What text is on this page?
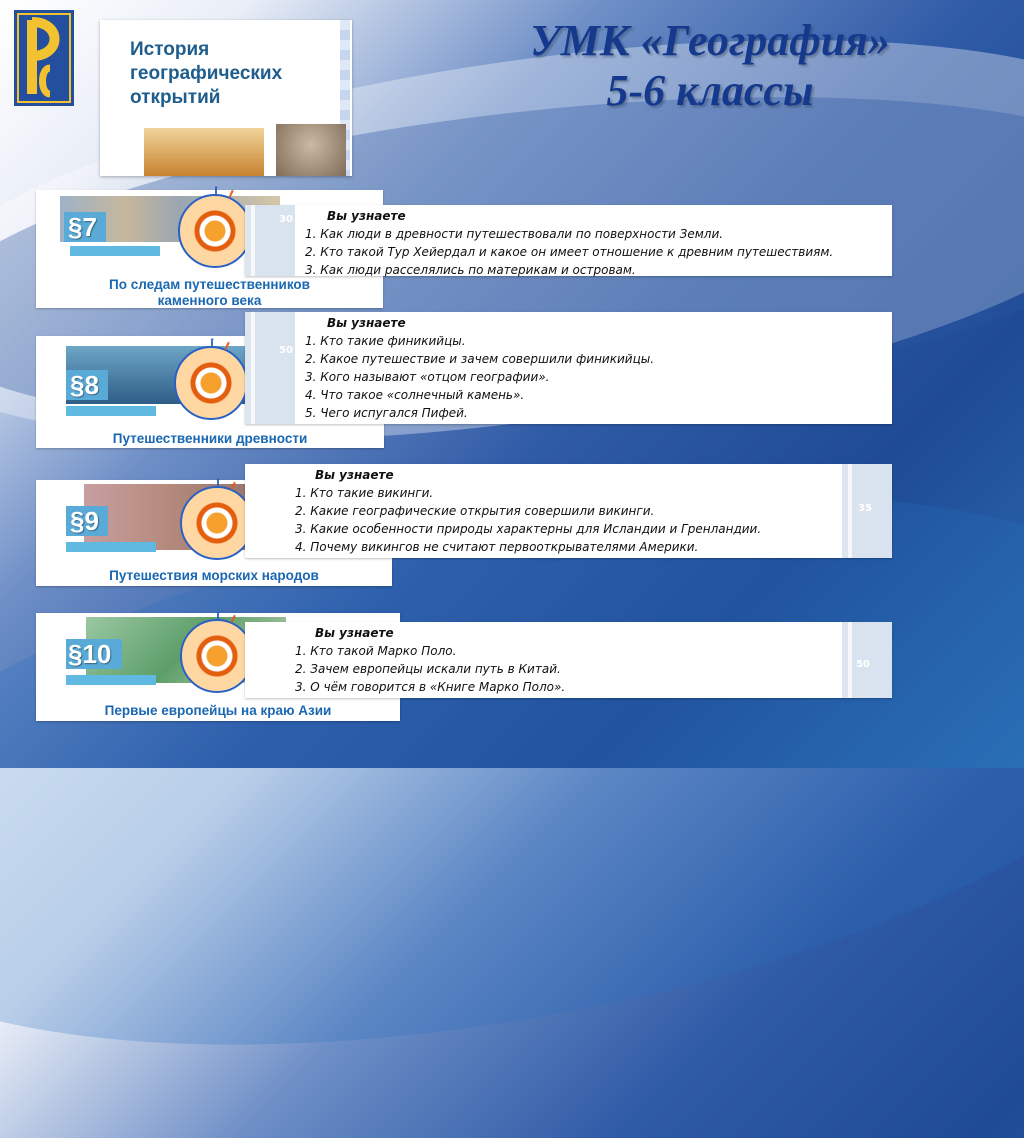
УМК «География»
5-6 классы
История
географических
открытий
§7
По следам путешественников
каменного века
30	Вы узнаете
1. Как люди в древности путешествовали по поверхности Земли.
2. Кто такой Тур Хейердал и какое он имеет отношение к древним путешествиям.
3. Как люди расселялись по материкам и островам.
§8
Путешественники древности
50
Вы узнаете
1. Кто такие финикийцы.
2. Какое путешествие и зачем совершили финикийцы.
3. Кого называют «отцом географии».
4. Что такое «солнечный камень».
5. Чего испугался Пифей.
§9
Путешествия морских народов
35
Вы узнаете
1. Кто такие викинги.
2. Какие географические открытия совершили викинги.
3. Какие особенности природы характерны для Исландии и Гренландии.
4. Почему викингов не считают первооткрывателями Америки.
§10
Первые европейцы на краю Азии
50
Вы узнаете
1. Кто такой Марко Поло.
2. Зачем европейцы искали путь в Китай.
3. О чём говорится в «Книге Марко Поло».
